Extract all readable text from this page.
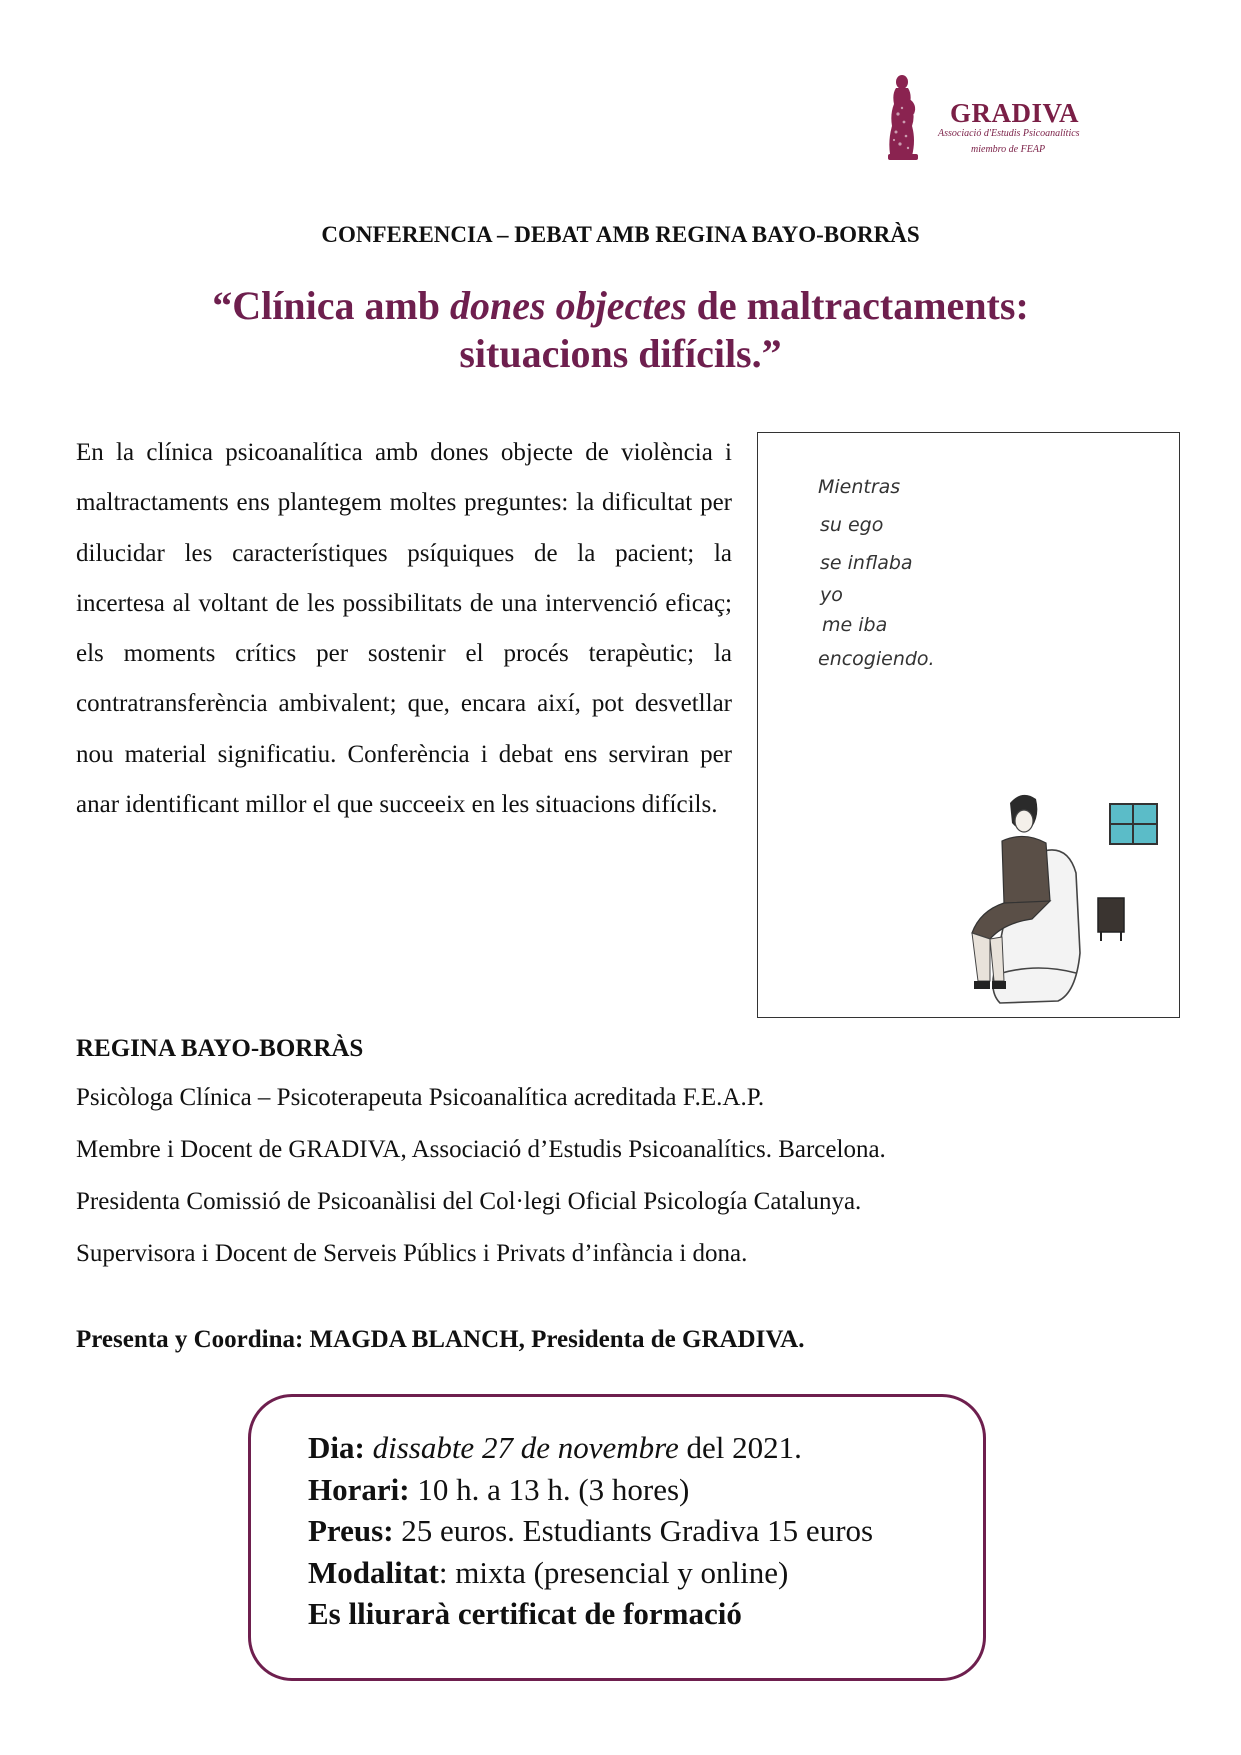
GRADIVA
Associació d'Estudis Psicoanalítics
miembro de FEAP
CONFERENCIA – DEBAT AMB REGINA BAYO-BORRÀS
“Clínica amb dones objectes de maltractaments:
situacions difícils.”
En la clínica psicoanalítica amb dones objecte de violència i maltractaments ens plantegem moltes preguntes: la dificultat per dilucidar les característiques psíquiques de la pacient; la incertesa al voltant de les possibilitats de una intervenció eficaç; els moments crítics per sostenir el procés terapèutic; la contratransferència ambivalent; que, encara així, pot desvetllar nou material significatiu. Conferència i debat ens serviran per anar identificant millor el que succeeix en les situacions difícils.
Mientras
su ego
se inflaba
yo
me iba
encogiendo.
REGINA BAYO-BORRÀS
Psicòloga Clínica – Psicoterapeuta Psicoanalítica acreditada F.E.A.P.
Membre i Docent de GRADIVA, Associació d’Estudis Psicoanalítics. Barcelona.
Presidenta Comissió de Psicoanàlisi del Col·legi Oficial Psicología Catalunya.
Supervisora i Docent de Serveis Públics i Privats d’infància i dona.
Presenta y Coordina: MAGDA BLANCH, Presidenta de GRADIVA.
Dia: dissabte 27 de novembre del 2021.
Horari: 10 h. a 13 h. (3 hores)
Preus: 25 euros. Estudiants Gradiva 15 euros
Modalitat: mixta (presencial y online)
Es lliurarà certificat de formació
